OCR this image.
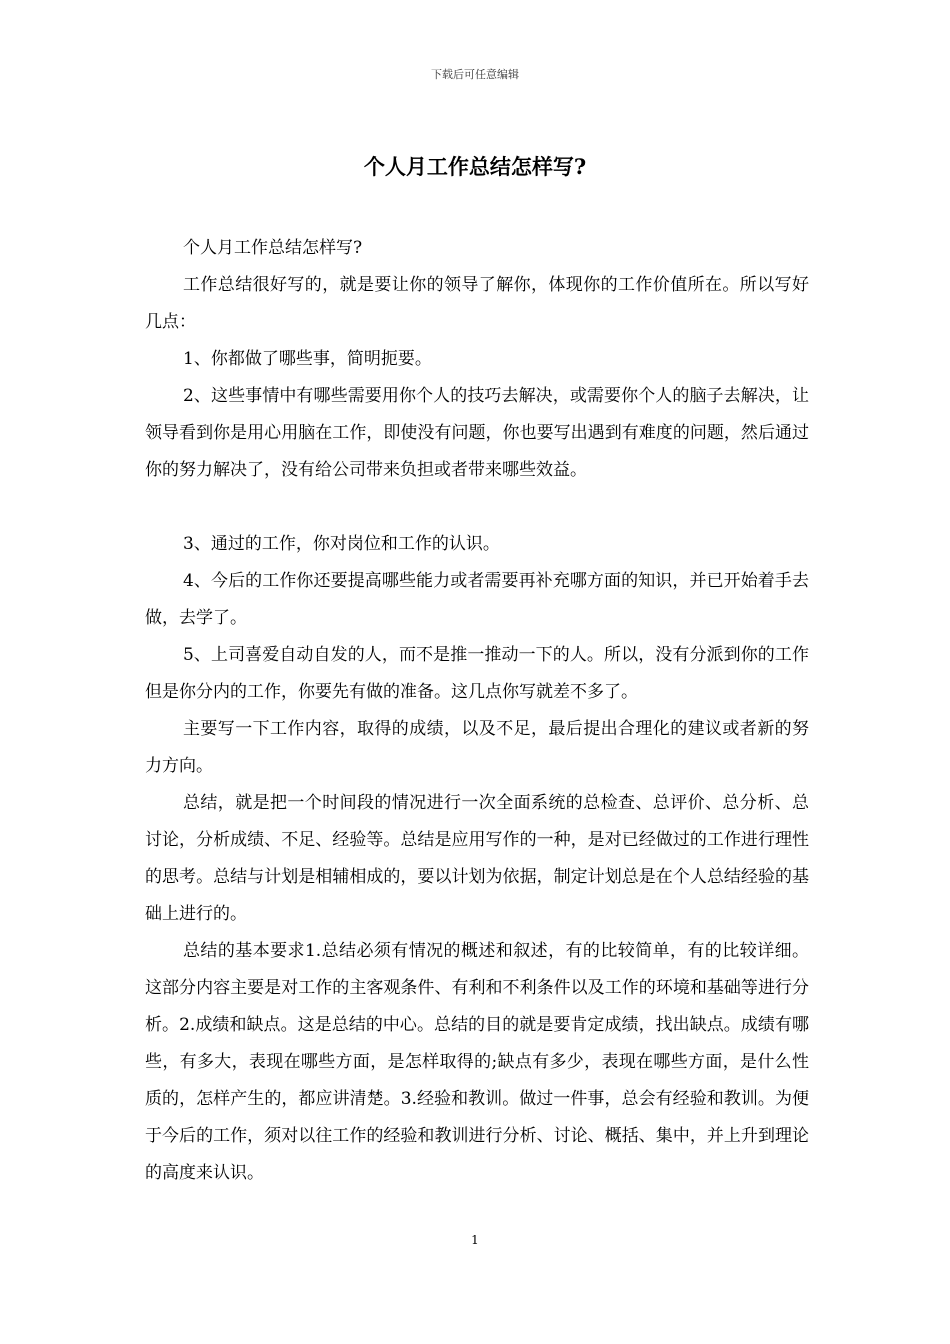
下载后可任意编辑
个人月工作总结怎样写?

个人月工作总结怎样写?

工作总结很好写的，就是要让你的领导了解你，体现你的工作价值所在。所以写好几点：

1、你都做了哪些事，简明扼要。

2、这些事情中有哪些需要用你个人的技巧去解决，或需要你个人的脑子去解决，让领导看到你是用心用脑在工作，即使没有问题，你也要写出遇到有难度的问题，然后通过你的努力解决了，没有给公司带来负担或者带来哪些效益。

3、通过的工作，你对岗位和工作的认识。

4、今后的工作你还要提高哪些能力或者需要再补充哪方面的知识，并已开始着手去做，去学了。

5、上司喜爱自动自发的人，而不是推一推动一下的人。所以，没有分派到你的工作但是你分内的工作，你要先有做的准备。这几点你写就差不多了。

主要写一下工作内容，取得的成绩，以及不足，最后提出合理化的建议或者新的努力方向。

总结，就是把一个时间段的情况进行一次全面系统的总检查、总评价、总分析、总讨论，分析成绩、不足、经验等。总结是应用写作的一种，是对已经做过的工作进行理性的思考。总结与计划是相辅相成的，要以计划为依据，制定计划总是在个人总结经验的基础上进行的。

总结的基本要求1.总结必须有情况的概述和叙述，有的比较简单，有的比较详细。这部分内容主要是对工作的主客观条件、有利和不利条件以及工作的环境和基础等进行分析。2.成绩和缺点。这是总结的中心。总结的目的就是要肯定成绩，找出缺点。成绩有哪些，有多大，表现在哪些方面，是怎样取得的;缺点有多少，表现在哪些方面，是什么性质的，怎样产生的，都应讲清楚。3.经验和教训。做过一件事，总会有经验和教训。为便于今后的工作，须对以往工作的经验和教训进行分析、讨论、概括、集中，并上升到理论的高度来认识。

1
